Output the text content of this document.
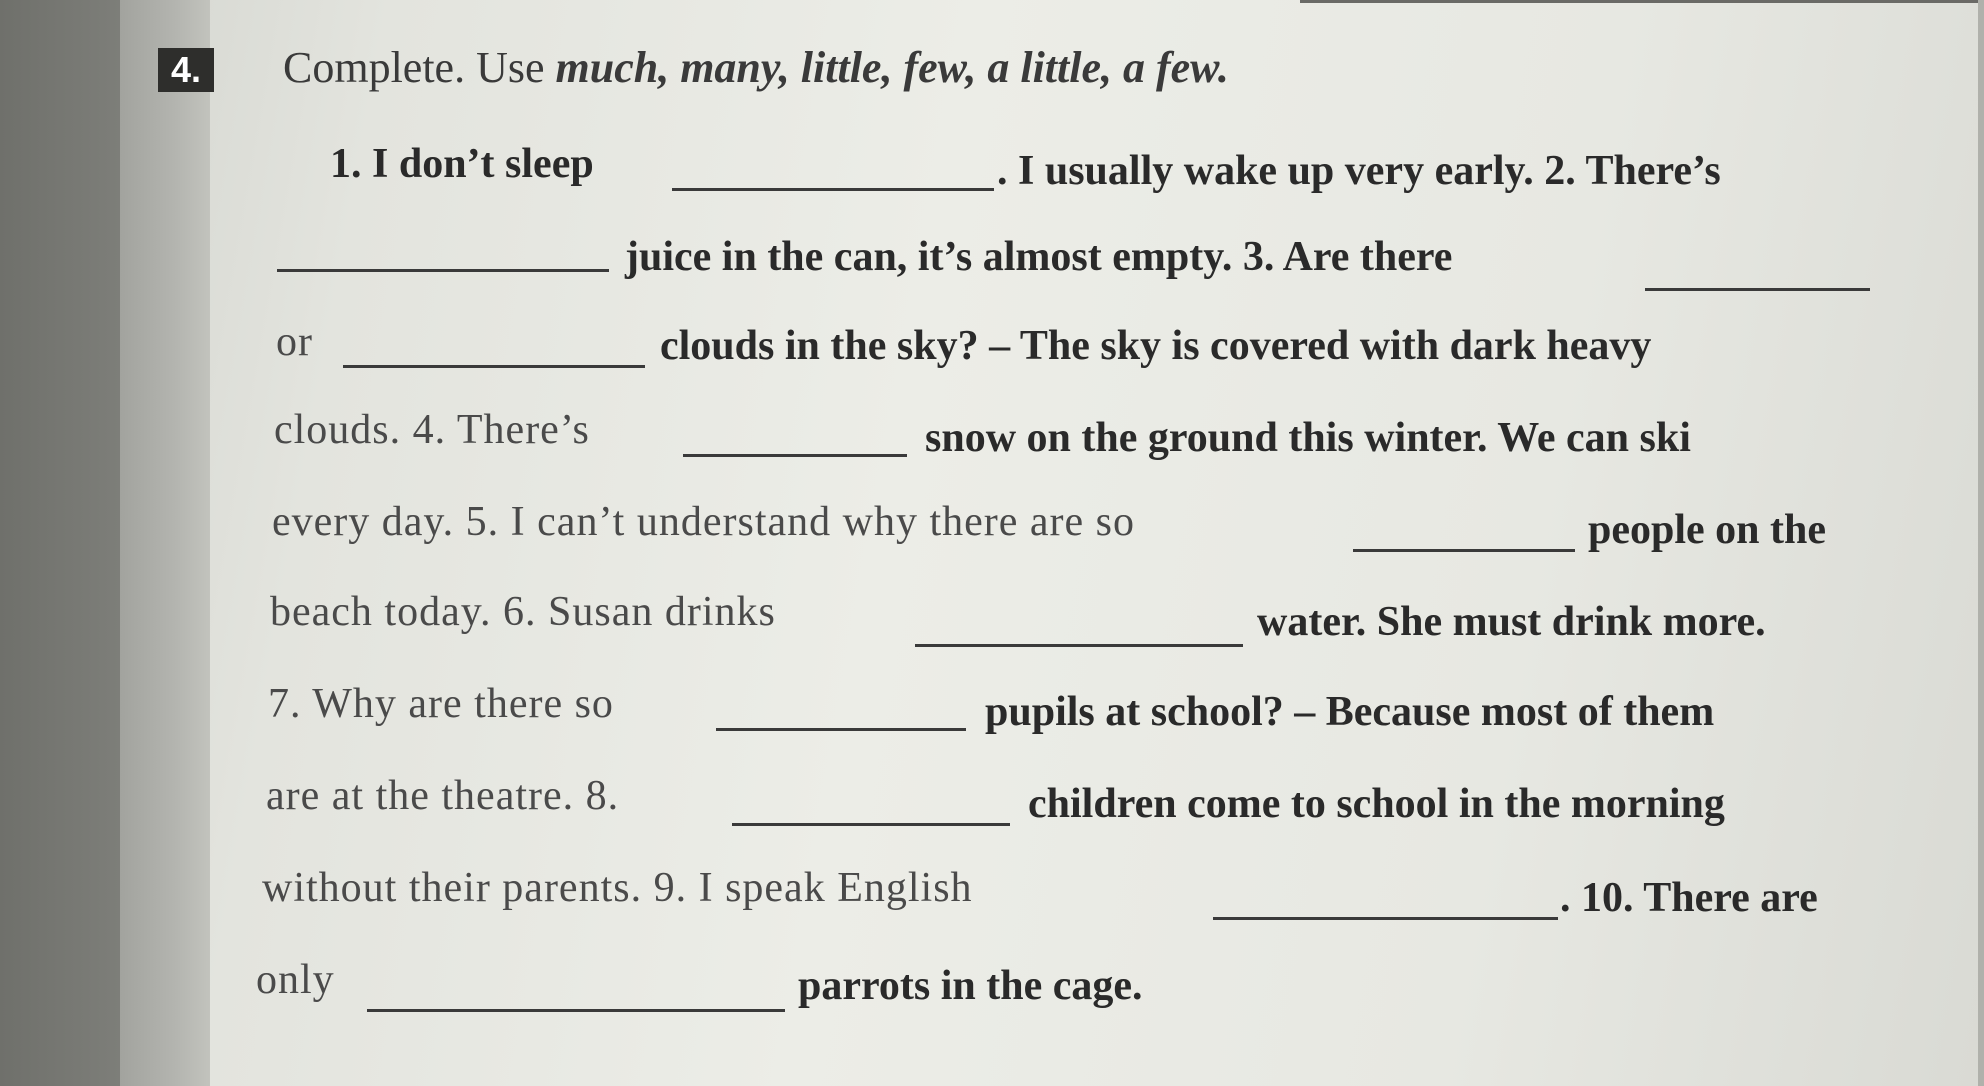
4. Complete. Use much, many, little, few, a little, a few.
1. I don’t sleep	. I usually wake up very early. 2. There’s
juice in the can, it’s almost empty. 3. Are there
or	clouds in the sky? – The sky is covered with dark heavy
clouds. 4. There’s	snow on the ground this winter. We can ski
every day. 5. I can’t understand why there are so	people on the
beach today. 6. Susan drinks	water. She must drink more.
7. Why are there so	pupils at school? – Because most of them
are at the theatre. 8.	children come to school in the morning
without their parents. 9. I speak English	. 10. There are
only	parrots in the cage.
